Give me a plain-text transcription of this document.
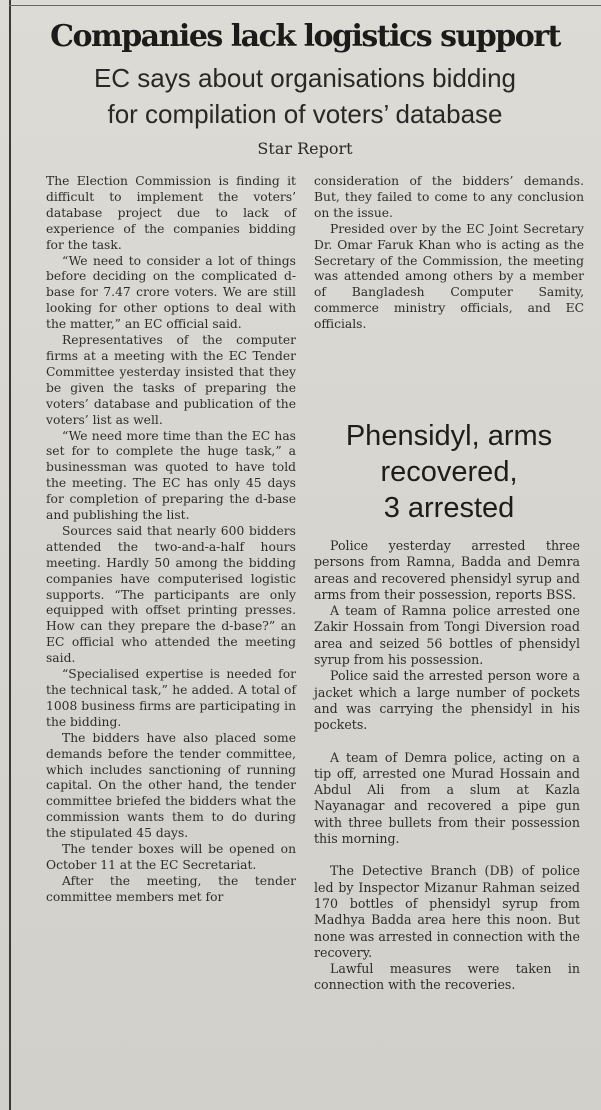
Companies lack logistics support
EC says about organisations bidding
for compilation of voters’ database
Star Report

The Election Commission is finding it difficult to implement the voters’ database project due to lack of experience of the companies bidding for the task.

“We need to consider a lot of things before deciding on the complicated d-base for 7.47 crore voters. We are still looking for other options to deal with the matter,” an EC official said.

Representatives of the computer firms at a meeting with the EC Tender Committee yesterday insisted that they be given the tasks of preparing the voters’ database and publication of the voters’ list as well.

“We need more time than the EC has set for to complete the huge task,” a businessman was quoted to have told the meeting. The EC has only 45 days for completion of preparing the d-base and publishing the list.

Sources said that nearly 600 bidders attended the two-and-a-half hours meeting. Hardly 50 among the bidding companies have computerised logistic supports. “The participants are only equipped with offset printing presses. How can they prepare the d-base?” an EC official who attended the meeting said.

“Specialised expertise is needed for the technical task,” he added. A total of 1008 business firms are participating in the bidding.

The bidders have also placed some demands before the tender committee, which includes sanctioning of running capital. On the other hand, the tender committee briefed the bidders what the commission wants them to do during the stipulated 45 days.

The tender boxes will be opened on October 11 at the EC Secretariat.

After the meeting, the tender committee members met for

consideration of the bidders’ demands. But, they failed to come to any conclusion on the issue.

Presided over by the EC Joint Secretary Dr. Omar Faruk Khan who is acting as the Secretary of the Commission, the meeting was attended among others by a member of Bangladesh Computer Samity, commerce ministry officials, and EC officials.

Phensidyl, arms
recovered,
3 arrested

Police yesterday arrested three persons from Ramna, Badda and Demra areas and recovered phensidyl syrup and arms from their possession, reports BSS.

A team of Ramna police arrested one Zakir Hossain from Tongi Diversion road area and seized 56 bottles of phensidyl syrup from his possession.

Police said the arrested person wore a jacket which a large number of pockets and was carrying the phensidyl in his pockets.

A team of Demra police, acting on a tip off, arrested one Murad Hossain and Abdul Ali from a slum at Kazla Nayanagar and recovered a pipe gun with three bullets from their possession this morning.

The Detective Branch (DB) of police led by Inspector Mizanur Rahman seized 170 bottles of phensidyl syrup from Madhya Badda area here this noon. But none was arrested in connection with the recovery.

Lawful measures were taken in connection with the recoveries.
